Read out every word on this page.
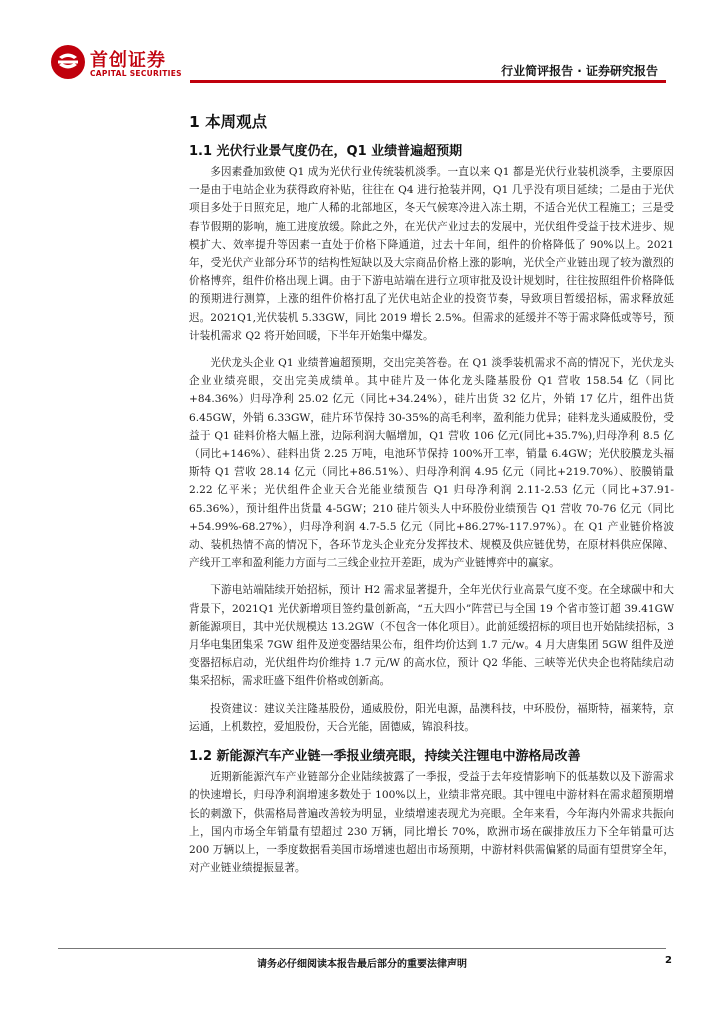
首创证券
CAPITAL SECURITIES	行业简评报告 · 证券研究报告
1 本周观点
1.1 光伏行业景气度仍在，Q1 业绩普遍超预期

多因素叠加致使 Q1 成为光伏行业传统装机淡季。一直以来 Q1 都是光伏行业装机淡季，主要原因一是由于电站企业为获得政府补贴，往往在 Q4 进行抢装并网，Q1 几乎没有项目延续；二是由于光伏项目多处于日照充足，地广人稀的北部地区，冬天气候寒冷进入冻土期，不适合光伏工程施工；三是受春节假期的影响，施工进度放缓。除此之外，在光伏产业过去的发展中，光伏组件受益于技术进步、规模扩大、效率提升等因素一直处于价格下降通道，过去十年间，组件的价格降低了 90%以上。2021 年，受光伏产业部分环节的结构性短缺以及大宗商品价格上涨的影响，光伏全产业链出现了较为激烈的价格博弈，组件价格出现上调。由于下游电站端在进行立项审批及设计规划时，往往按照组件价格降低的预期进行测算，上涨的组件价格打乱了光伏电站企业的投资节奏，导致项目暂缓招标，需求释放延迟。2021Q1,光伏装机 5.33GW，同比 2019 增长 2.5%。但需求的延缓并不等于需求降低或等号，预计装机需求 Q2 将开始回暖，下半年开始集中爆发。

光伏龙头企业 Q1 业绩普遍超预期，交出完美答卷。在 Q1 淡季装机需求不高的情况下，光伏龙头企业业绩亮眼，交出完美成绩单。其中硅片及一体化龙头隆基股份 Q1 营收 158.54 亿（同比+84.36%）归母净利 25.02 亿元（同比+34.24%），硅片出货 32 亿片，外销 17 亿片，组件出货 6.45GW，外销 6.33GW，硅片环节保持 30-35%的高毛利率，盈利能力优异；硅料龙头通威股份，受益于 Q1 硅料价格大幅上涨，边际利润大幅增加，Q1 营收 106 亿元(同比+35.7%),归母净利 8.5 亿（同比+146%）、硅料出货 2.25 万吨，电池环节保持 100%开工率，销量 6.4GW；光伏胶膜龙头福斯特 Q1 营收 28.14 亿元（同比+86.51%）、归母净利润 4.95 亿元（同比+219.70%）、胶膜销量 2.22 亿平米；光伏组件企业天合光能业绩预告 Q1 归母净利润 2.11-2.53 亿元（同比+37.91-65.36%），预计组件出货量 4-5GW；210 硅片领头人中环股份业绩预告 Q1 营收 70-76 亿元（同比+54.99%-68.27%），归母净利润 4.7-5.5 亿元（同比+86.27%-117.97%）。在 Q1 产业链价格波动、装机热情不高的情况下，各环节龙头企业充分发挥技术、规模及供应链优势，在原材料供应保障、产线开工率和盈利能力方面与二三线企业拉开差距，成为产业链博弈中的赢家。

下游电站端陆续开始招标，预计 H2 需求显著提升，全年光伏行业高景气度不变。在全球碳中和大背景下，2021Q1 光伏新增项目签约量创新高，“五大四小”阵营已与全国 19 个省市签订超 39.41GW 新能源项目，其中光伏规模达 13.2GW（不包含一体化项目）。此前延缓招标的项目也开始陆续招标，3 月华电集团集采 7GW 组件及逆变器结果公布，组件均价达到 1.7 元/w。4 月大唐集团 5GW 组件及逆变器招标启动，光伏组件均价维持 1.7 元/W 的高水位，预计 Q2 华能、三峡等光伏央企也将陆续启动集采招标，需求旺盛下组件价格或创新高。

投资建议：建议关注隆基股份，通威股份，阳光电源，晶澳科技，中环股份，福斯特，福莱特，京运通，上机数控，爱旭股份，天合光能，固德威，锦浪科技。

1.2 新能源汽车产业链一季报业绩亮眼，持续关注锂电中游格局改善

近期新能源汽车产业链部分企业陆续披露了一季报，受益于去年疫情影响下的低基数以及下游需求的快速增长，归母净利润增速多数处于 100%以上，业绩非常亮眼。其中锂电中游材料在需求超预期增长的刺激下，供需格局普遍改善较为明显，业绩增速表现尤为亮眼。全年来看，今年海内外需求共振向上，国内市场全年销量有望超过 230 万辆，同比增长 70%，欧洲市场在碳排放压力下全年销量可达 200 万辆以上，一季度数据看美国市场增速也超出市场预期，中游材料供需偏紧的局面有望贯穿全年，对产业链业绩提振显著。

请务必仔细阅读本报告最后部分的重要法律声明	2
